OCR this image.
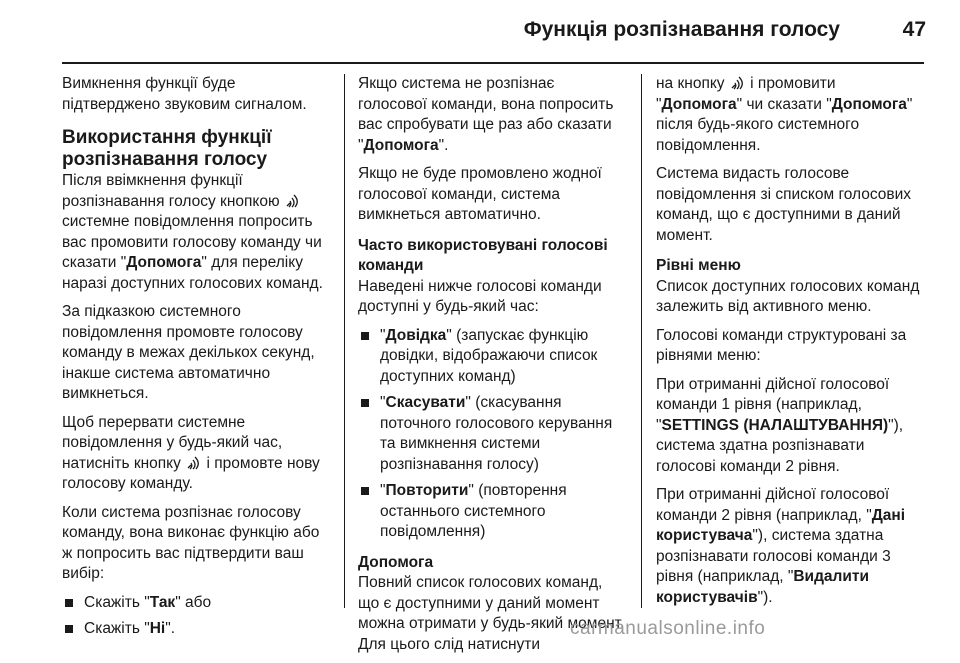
Функція розпізнавання голосу	47

Вимкнення функції буде підтверджено звуковим сигналом.

Використання функції розпізнавання голосу

Після ввімкнення функції розпізнавання голосу кнопкою  системне повідомлення попросить вас промовити голосову команду чи сказати "Допомога" для переліку наразі доступних голосових команд.

За підказкою системного повідомлення промовте голосову команду в межах декількох секунд, інакше система автоматично вимкнеться.

Щоб перервати системне повідомлення у будь-який час, натисніть кнопку і промовте нову голосову команду.

Коли система розпізнає голосову команду, вона виконає функцію або ж попросить вас підтвердити ваш вибір:

Скажіть "Так" або
Скажіть "Ні".

Якщо система не розпізнає голосової команди, вона попросить вас спробувати ще раз або сказати "Допомога".

Якщо не буде промовлено жодної голосової команди, система вимкнеться автоматично.

Часто використовувані голосові команди

Наведені нижче голосові команди доступні у будь-який час:

"Довідка" (запускає функцію довідки, відображаючи список доступних команд)
"Скасувати" (скасування поточного голосового керування та вимкнення системи розпізнавання голосу)
"Повторити" (повторення останнього системного повідомлення)
Допомога

Повний список голосових команд, що є доступними у даний момент можна отримати у будь-який момент. Для цього слід натиснути

на кнопку і промовити "Допомога" чи сказати "Допомога" після будь-якого системного повідомлення.

Система видасть голосове повідомлення зі списком голосових команд, що є доступними в даний момент.

Рівні меню

Список доступних голосових команд залежить від активного меню.

Голосові команди структуровані за рівнями меню:

При отриманні дійсної голосової команди 1 рівня (наприклад, "SETTINGS (НАЛАШТУВАННЯ)"), система здатна розпізнавати голосові команди 2 рівня.

При отриманні дійсної голосової команди 2 рівня (наприклад, "Дані користувача"), система здатна розпізнавати голосові команди 3 рівня (наприклад, "Видалити користувачів").

carmanualsonline.info
